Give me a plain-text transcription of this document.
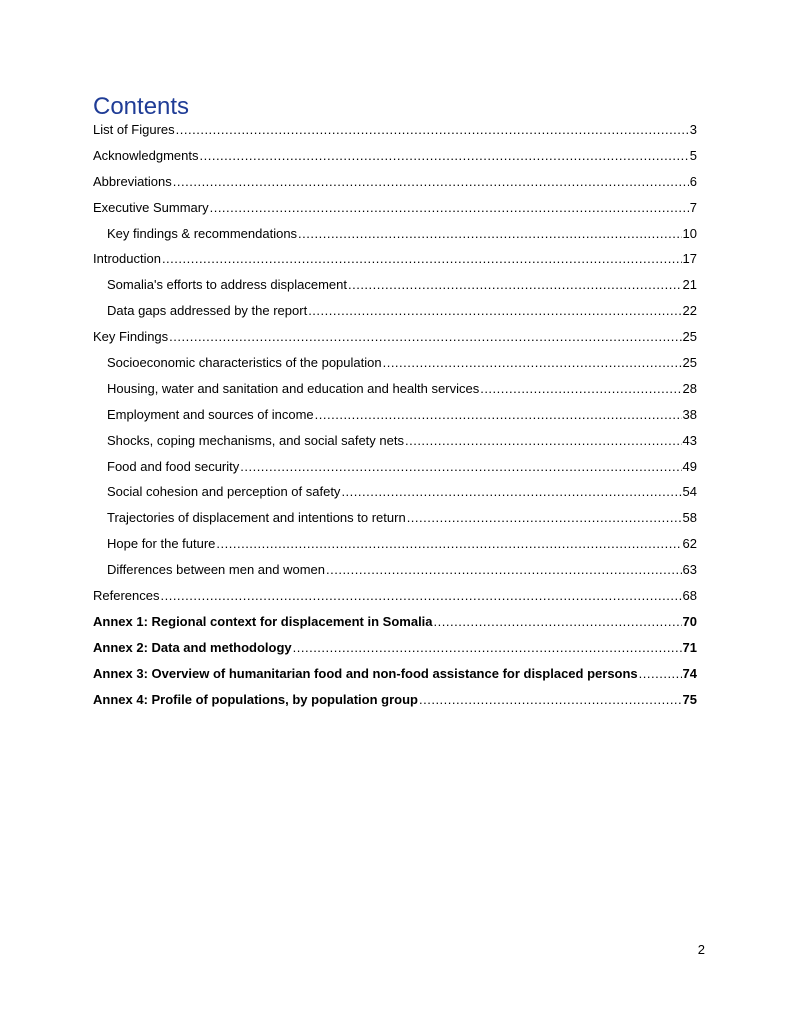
Contents
List of Figures .....	3
Acknowledgments .....	5
Abbreviations .....	6
Executive Summary .....	7
Key findings & recommendations .....	10
Introduction .....	17
Somalia's efforts to address displacement .....	21
Data gaps addressed by the report .....	22
Key Findings .....	25
Socioeconomic characteristics of the population .....	25
Housing, water and sanitation and education and health services .....	28
Employment and sources of income .....	38
Shocks, coping mechanisms, and social safety nets .....	43
Food and food security .....	49
Social cohesion and perception of safety .....	54
Trajectories of displacement and intentions to return .....	58
Hope for the future .....	62
Differences between men and women .....	63
References .....	68
Annex 1: Regional context for displacement in Somalia .....	70
Annex 2: Data and methodology .....	71
Annex 3: Overview of humanitarian food and non-food assistance for displaced persons .....	74
Annex 4: Profile of populations, by population group .....	75
2
